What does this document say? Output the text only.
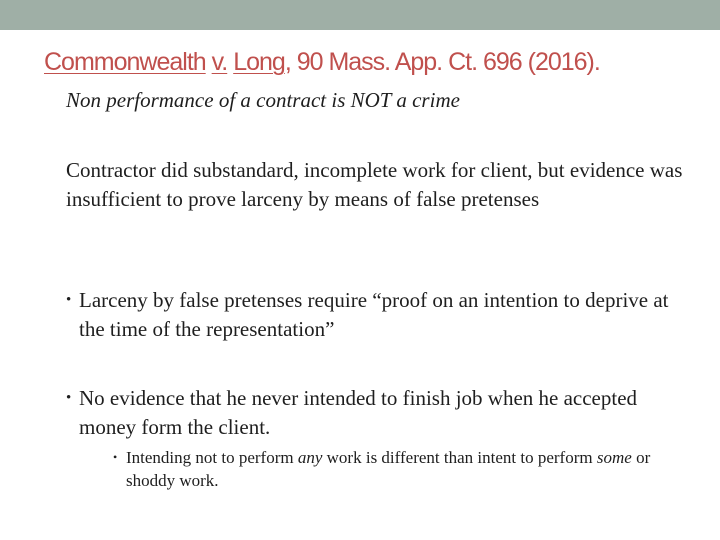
Commonwealth v. Long, 90 Mass. App. Ct. 696 (2016).

Non performance of a contract is NOT a crime

Contractor did substandard, incomplete work for client, but evidence was insufficient to prove larceny by means of false pretenses

• Larceny by false pretenses require “proof on an intention to deprive at the time of the representation”
• No evidence that he never intended to finish job when he accepted money form the client.
• Intending not to perform any work is different than intent to perform some or shoddy work.
